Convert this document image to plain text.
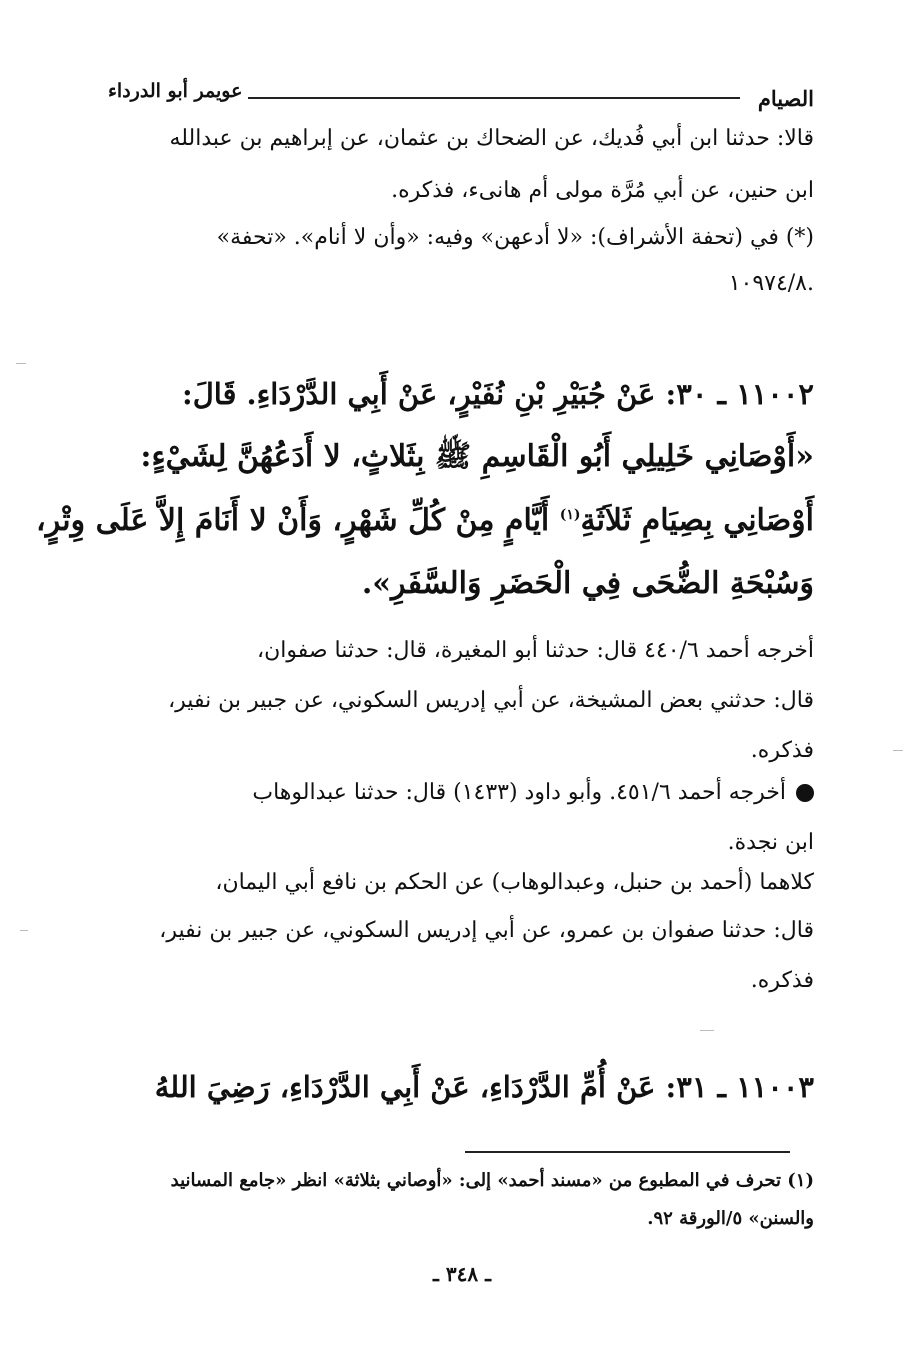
الصيام
عويمر أبو الدرداء
قالا: حدثنا ابن أبي فُديك، عن الضحاك بن عثمان، عن إبراهيم بن عبدالله
ابن حنين، عن أبي مُرَّة مولى أم هانىء، فذكره.
(*) في (تحفة الأشراف): «لا أدعهن» وفيه: «وأن لا أنام». «تحفة»
١٠٩٧٤/٨.
١١٠٠٢ ـ ٣٠: عَنْ جُبَيْرِ بْنِ نُفَيْرٍ، عَنْ أَبِي الدَّرْدَاءِ. قَالَ:
«أَوْصَانِي خَلِيلِي أَبُو الْقَاسِمِ ﷺ بِثَلاثٍ، لا أَدَعُهُنَّ لِشَيْءٍ:
أَوْصَانِي بِصِيَامِ ثَلاَثَةِ$^{(١)}$ أَيَّامٍ مِنْ كُلِّ شَهْرٍ، وَأَنْ لا أَنَامَ إِلاَّ عَلَى وِتْرٍ،
وَسُبْحَةِ الضُّحَى فِي الْحَضَرِ وَالسَّفَرِ».
أخرجه أحمد ٤٤٠/٦ قال: حدثنا أبو المغيرة، قال: حدثنا صفوان،
قال: حدثني بعض المشيخة، عن أبي إدريس السكوني، عن جبير بن نفير،
فذكره.
أخرجه أحمد ٤٥١/٦. وأبو داود (١٤٣٣) قال: حدثنا عبدالوهاب
ابن نجدة.
كلاهما (أحمد بن حنبل، وعبدالوهاب) عن الحكم بن نافع أبي اليمان،
قال: حدثنا صفوان بن عمرو، عن أبي إدريس السكوني، عن جبير بن نفير،
فذكره.
١١٠٠٣ ـ ٣١: عَنْ أُمِّ الدَّرْدَاءِ، عَنْ أَبِي الدَّرْدَاءِ، رَضِيَ اللهُ
(١) تحرف في المطبوع من «مسند أحمد» إلى: «أوصاني بثلاثة» انظر «جامع المسانيد
والسنن» ٥/الورقة ٩٢.
ـ ٣٤٨ ـ
